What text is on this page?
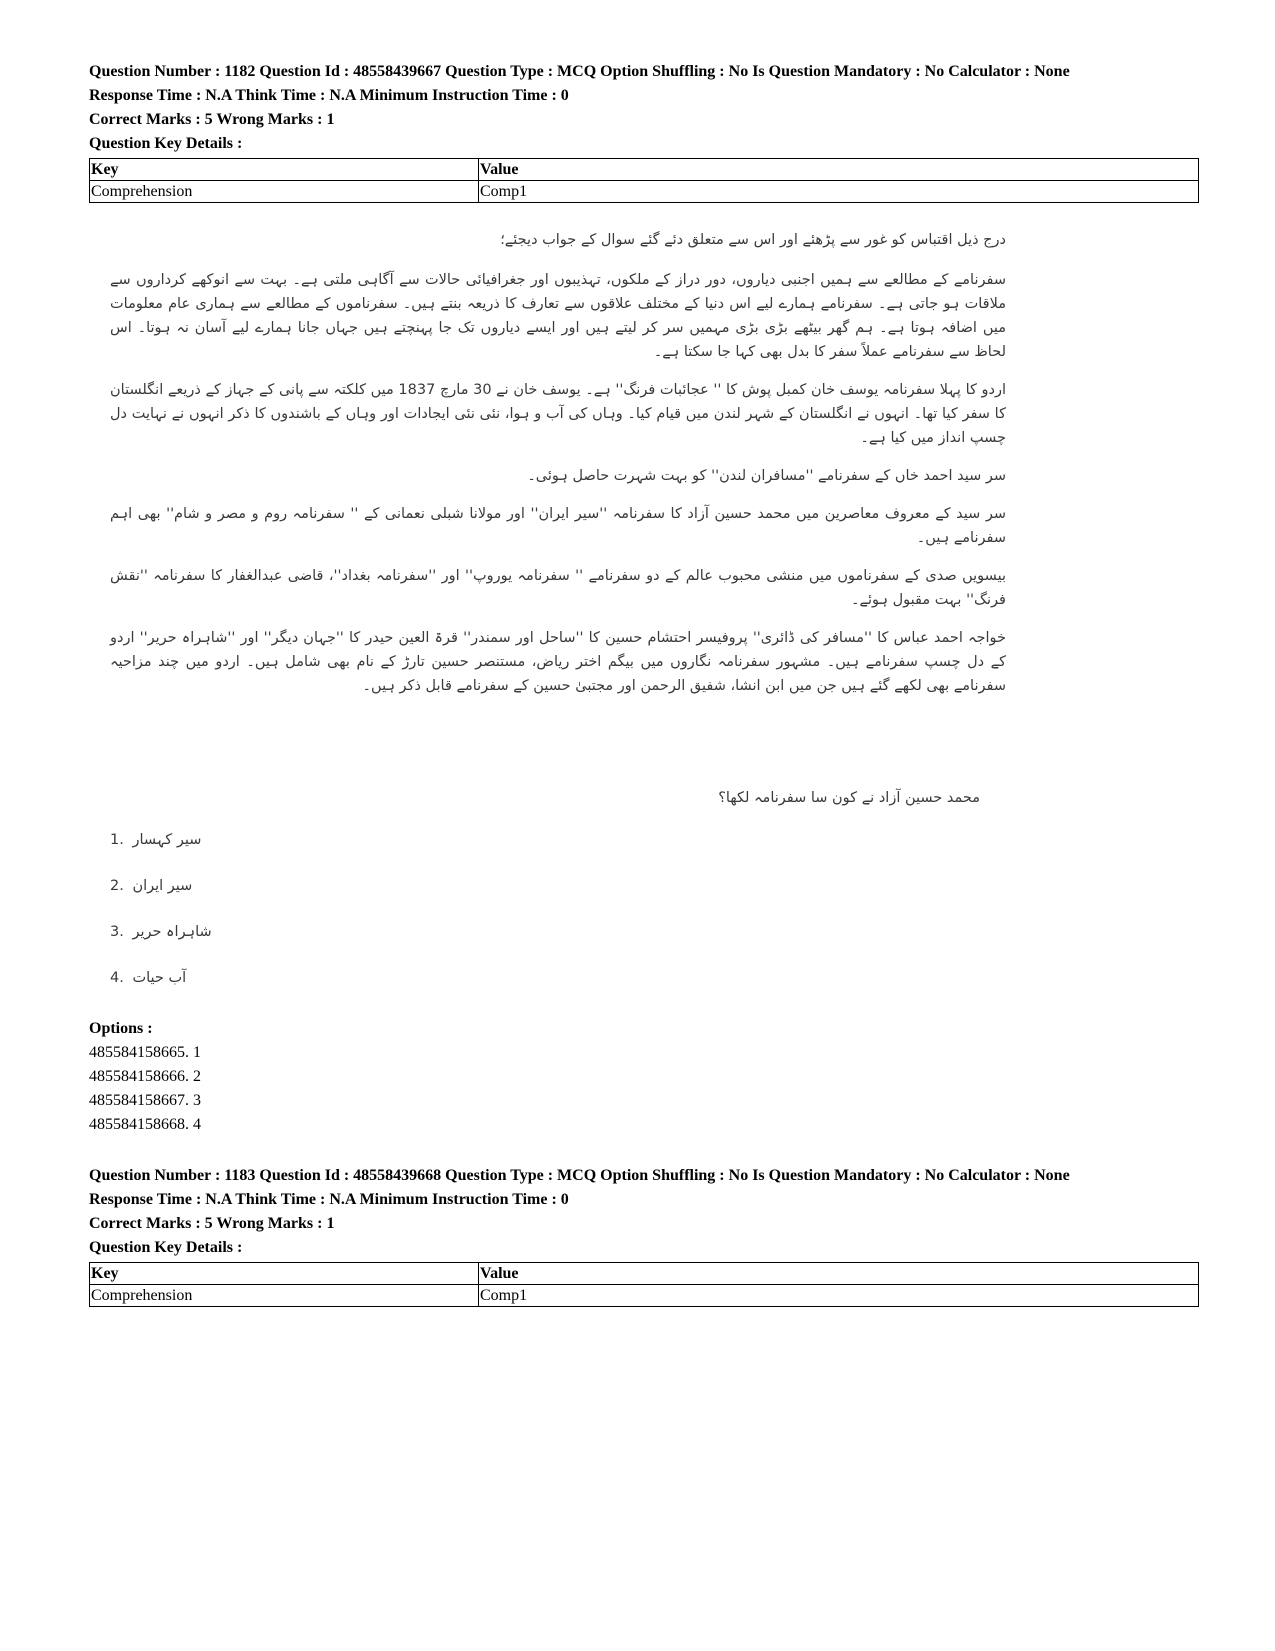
Question Number : 1182 Question Id : 48558439667 Question Type : MCQ Option Shuffling : No Is Question Mandatory : No Calculator : None
Response Time : N.A Think Time : N.A Minimum Instruction Time : 0
Correct Marks : 5 Wrong Marks : 1
Question Key Details :
Key	Value
Comprehension	Comp1

درج ذیل اقتباس کو غور سے پڑھئے اور اس سے متعلق دئے گئے سوال کے جواب دیجئے؛

سفرنامے کے مطالعے سے ہمیں اجنبی دیاروں، دور دراز کے ملکوں، تہذیبوں اور جغرافیائی حالات سے آگاہی ملتی ہے۔ بہت سے انوکھے کرداروں سے ملاقات ہو جاتی ہے۔ سفرنامے ہمارے لیے اس دنیا کے مختلف علاقوں سے تعارف کا ذریعہ بنتے ہیں۔ سفرناموں کے مطالعے سے ہماری عام معلومات میں اضافہ ہوتا ہے۔ ہم گھر بیٹھے بڑی بڑی مہمیں سر کر لیتے ہیں اور ایسے دیاروں تک جا پہنچتے ہیں جہاں جانا ہمارے لیے آسان نہ ہوتا۔ اس لحاظ سے سفرنامے عملاً سفر کا بدل بھی کہا جا سکتا ہے۔

اردو کا پہلا سفرنامہ یوسف خان کمبل پوش کا '' عجائبات فرنگ'' ہے۔ یوسف خان نے 30 مارچ 1837 میں کلکتہ سے پانی کے جہاز کے ذریعے انگلستان کا سفر کیا تھا۔ انہوں نے انگلستان کے شہر لندن میں قیام کیا۔ وہاں کی آب و ہوا، نئی نئی ایجادات اور وہاں کے باشندوں کا ذکر انہوں نے نہایت دل چسپ انداز میں کیا ہے۔

سر سید احمد خاں کے سفرنامے ''مسافران لندن'' کو بہت شہرت حاصل ہوئی۔

سر سید کے معروف معاصرین میں محمد حسین آزاد کا سفرنامہ ''سیر ایران'' اور مولانا شبلی نعمانی کے '' سفرنامہ روم و مصر و شام'' بھی اہم سفرنامے ہیں۔

بیسویں صدی کے سفرناموں میں منشی محبوب عالم کے دو سفرنامے '' سفرنامہ یوروپ'' اور ''سفرنامہ بغداد''، قاضی عبدالغفار کا سفرنامہ ''نقش فرنگ'' بہت مقبول ہوئے۔

خواجہ احمد عباس کا ''مسافر کی ڈائری'' پروفیسر احتشام حسین کا ''ساحل اور سمندر'' قرۃ العین حیدر کا ''جہان دیگر'' اور ''شاہراہ حریر'' اردو کے دل چسپ سفرنامے ہیں۔ مشہور سفرنامہ نگاروں میں بیگم اختر ریاض، مستنصر حسین تارڑ کے نام بھی شامل ہیں۔ اردو میں چند مزاحیہ سفرنامے بھی لکھے گئے ہیں جن میں ابن انشا، شفیق الرحمن اور مجتبیٰ حسین کے سفرنامے قابل ذکر ہیں۔

محمد حسین آزاد نے کون سا سفرنامہ لکھا؟
1. سیر کہسار
2. سیر ایران
3. شاہراہ حریر
4. آب حیات
Options :
485584158665. 1
485584158666. 2
485584158667. 3
485584158668. 4
Question Number : 1183 Question Id : 48558439668 Question Type : MCQ Option Shuffling : No Is Question Mandatory : No Calculator : None
Response Time : N.A Think Time : N.A Minimum Instruction Time : 0
Correct Marks : 5 Wrong Marks : 1
Question Key Details :
Key	Value
Comprehension	Comp1
